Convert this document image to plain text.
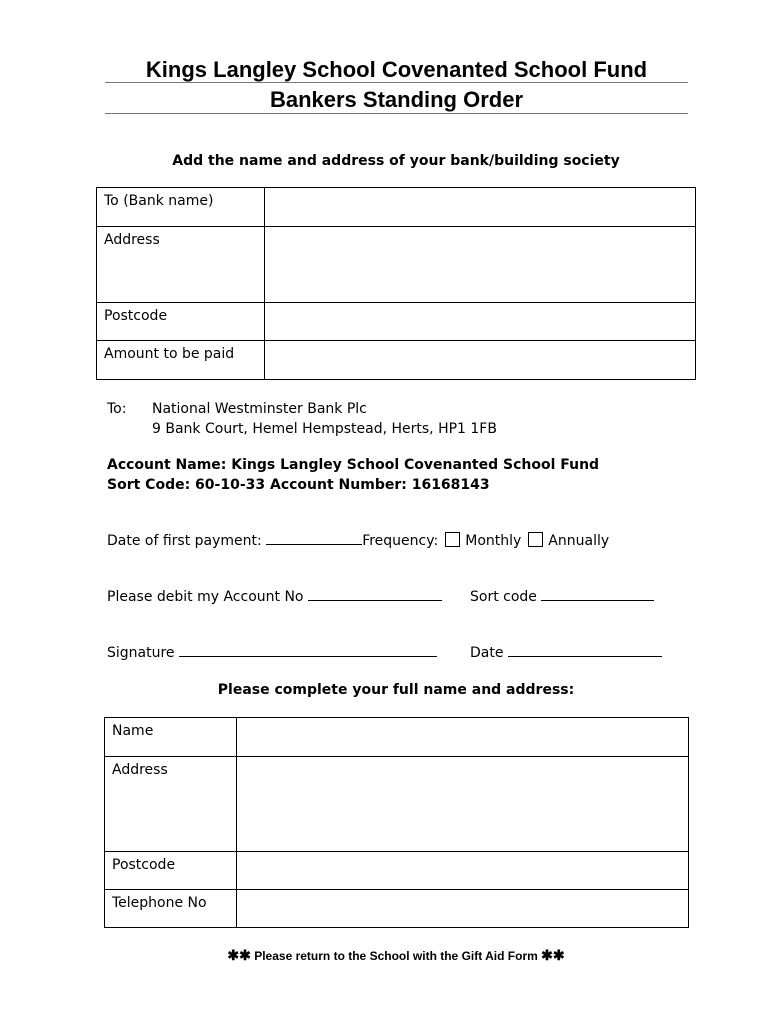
Kings Langley School Covenanted School Fund
Bankers Standing Order
Add the name and address of your bank/building society
To (Bank name)	
Address	
Postcode	
Amount to be paid	
To: National Westminster Bank Plc
9 Bank Court, Hemel Hempstead, Herts, HP1 1FB
Account Name: Kings Langley School Covenanted School Fund
Sort Code: 60-10-33 Account Number: 16168143
Date of first payment:	Frequency: Monthly Annually
Please debit my Account No	Sort code
Signature	Date
Please complete your full name and address:
Name	
Address	
Postcode	
Telephone No	
✱✱ Please return to the School with the Gift Aid Form ✱✱
